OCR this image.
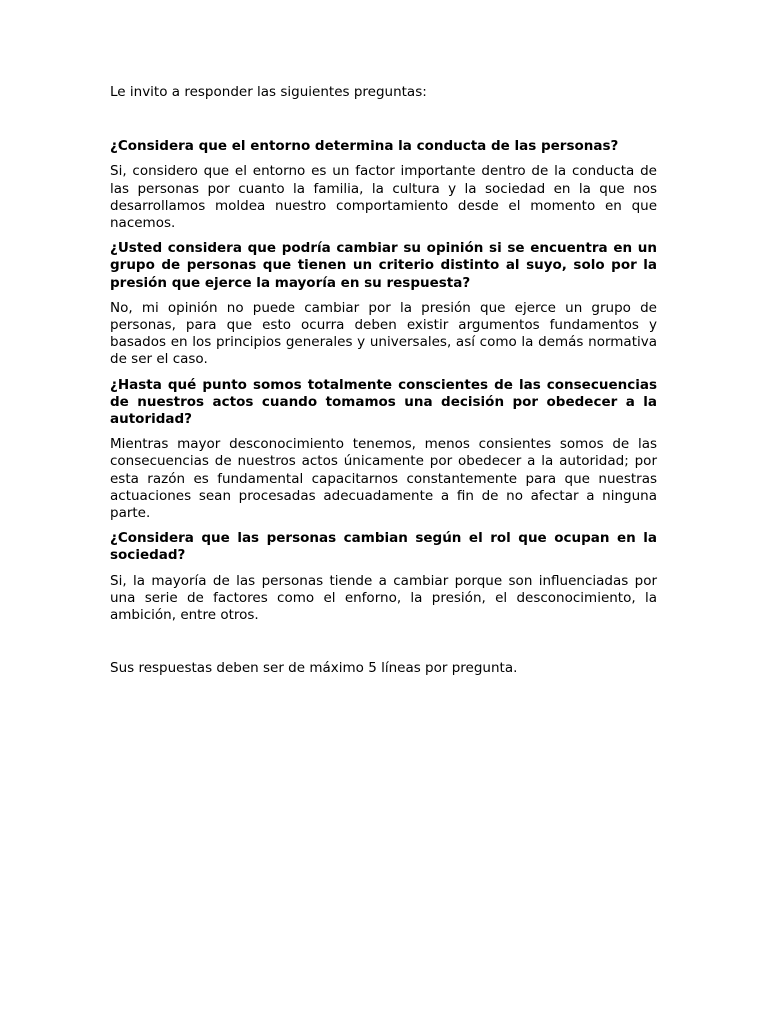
Le invito a responder las siguientes preguntas:

¿Considera que el entorno determina la conducta de las personas?

Si, considero que el entorno es un factor importante dentro de la conducta de las personas por cuanto la familia, la cultura y la sociedad en la que nos desarrollamos moldea nuestro comportamiento desde el momento en que nacemos.

¿Usted considera que podría cambiar su opinión si se encuentra en un grupo de personas que tienen un criterio distinto al suyo, solo por la presión que ejerce la mayoría en su respuesta?

No, mi opinión no puede cambiar por la presión que ejerce un grupo de personas, para que esto ocurra deben existir argumentos fundamentos y basados en los principios generales y universales, así como la demás normativa de ser el caso.

¿Hasta qué punto somos totalmente conscientes de las consecuencias de nuestros actos cuando tomamos una decisión por obedecer a la autoridad?

Mientras mayor desconocimiento tenemos, menos consientes somos de las consecuencias de nuestros actos únicamente por obedecer a la autoridad; por esta razón es fundamental capacitarnos constantemente para que nuestras actuaciones sean procesadas adecuadamente a fin de no afectar a ninguna parte.

¿Considera que las personas cambian según el rol que ocupan en la sociedad?

Si, la mayoría de las personas tiende a cambiar porque son influenciadas por una serie de factores como el enforno, la presión, el desconocimiento, la ambición, entre otros.

Sus respuestas deben ser de máximo 5 líneas por pregunta.
